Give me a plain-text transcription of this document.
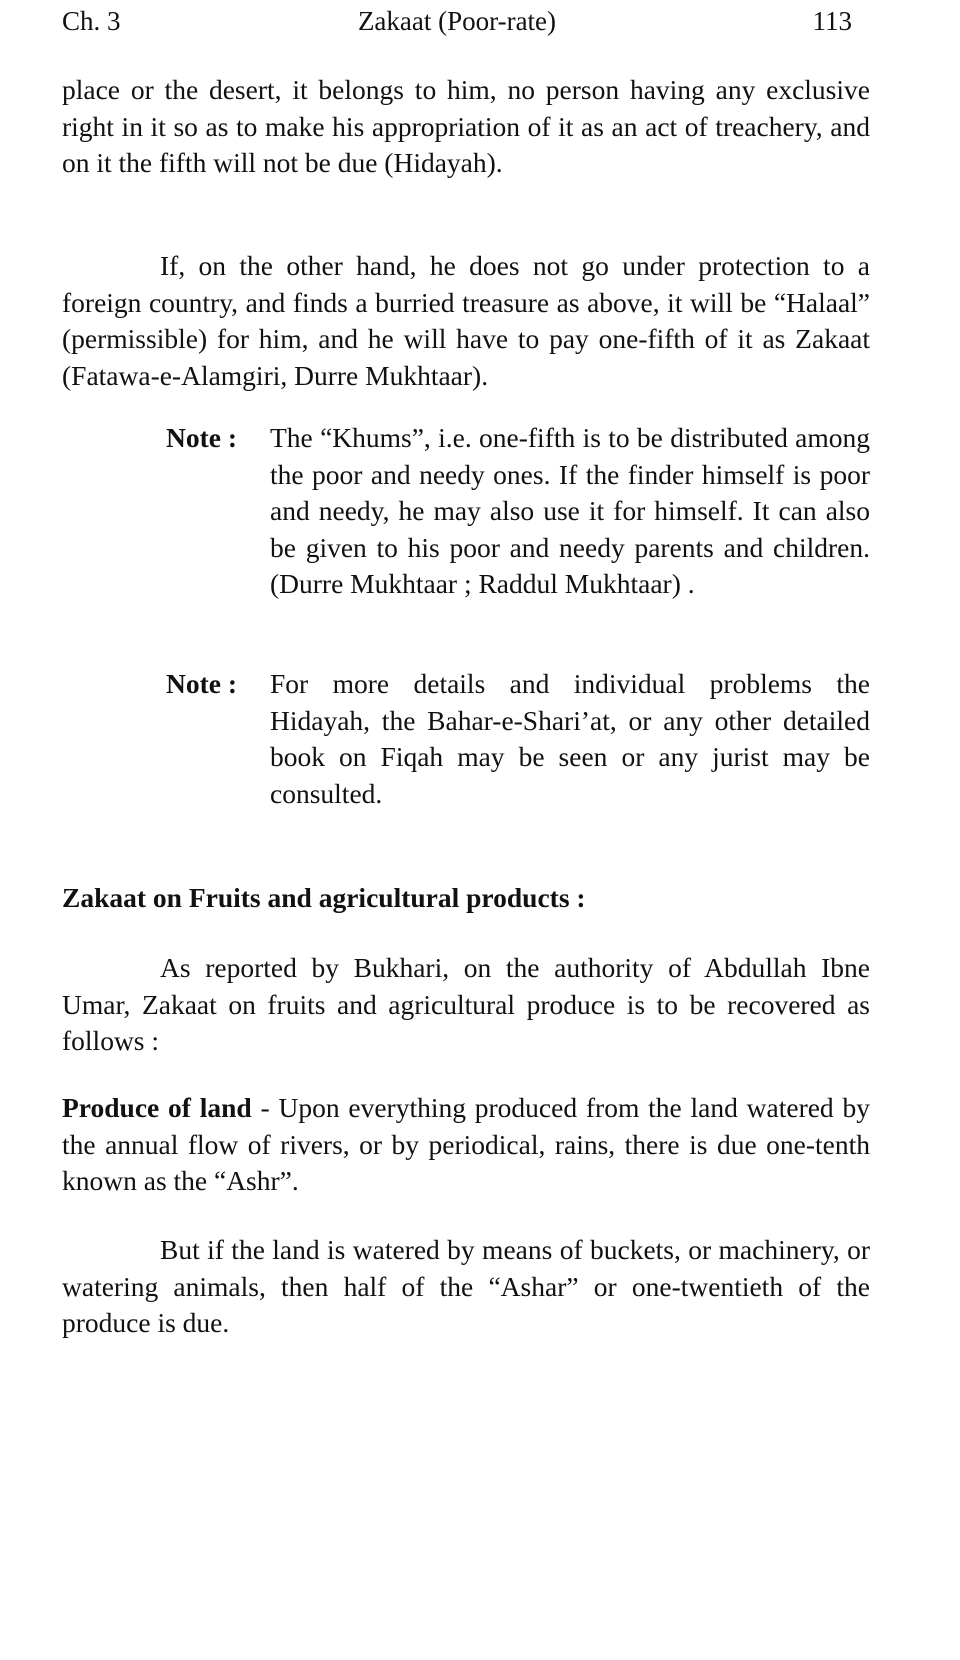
Ch. 3	Zakaat (Poor-rate)	113

place or the desert, it belongs to him, no person having any exclusive right in it so as to make his appropriation of it as an act of treachery, and on it the fifth will not be due (Hidayah).

If, on the other hand, he does not go under protection to a foreign country, and finds a burried treasure as above, it will be “Halaal” (permissible) for him, and he will have to pay one-fifth of it as Zakaat (Fatawa-e-Alamgiri, Durre Mukhtaar).

Note : The “Khums”, i.e. one-fifth is to be distributed among the poor and needy ones. If the finder himself is poor and needy, he may also use it for himself. It can also be given to his poor and needy parents and children. (Durre Mukhtaar ; Raddul Mukhtaar) .

Note : For more details and individual problems the Hidayah, the Bahar-e-Shari’at, or any other detailed book on Fiqah may be seen or any jurist may be consulted.

Zakaat on Fruits and agricultural products :

As reported by Bukhari, on the authority of Abdullah Ibne Umar, Zakaat on fruits and agricultural produce is to be recovered as follows :

Produce of land - Upon everything produced from the land watered by the annual flow of rivers, or by periodical, rains, there is due one-tenth known as the “Ashr”.

But if the land is watered by means of buckets, or machinery, or watering animals, then half of the “Ashar” or one-twentieth of the produce is due.
